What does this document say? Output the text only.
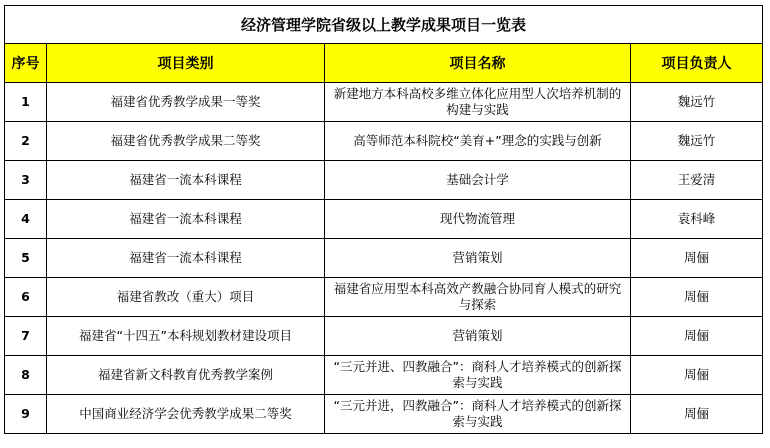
经济管理学院省级以上教学成果项目一览表			
序号	项目类别	项目名称	项目负责人
1	福建省优秀教学成果一等奖	新建地方本科高校多维立体化应用型人次培养机制的构建与实践	魏远竹
2	福建省优秀教学成果二等奖	高等师范本科院校“美育+”理念的实践与创新	魏远竹
3	福建省一流本科课程	基础会计学	王爱清
4	福建省一流本科课程	现代物流管理	袁科峰
5	福建省一流本科课程	营销策划	周俪
6	福建省教改（重大）项目	福建省应用型本科高效产教融合协同育人模式的研究与探索	周俪
7	福建省“十四五”本科规划教材建设项目	营销策划	周俪
8	福建省新文科教育优秀教学案例	“三元并进、四教融合”：商科人才培养模式的创新探索与实践	周俪
9	中国商业经济学会优秀教学成果二等奖	“三元并进，四教融合”：商科人才培养模式的创新探索与实践	周俪
